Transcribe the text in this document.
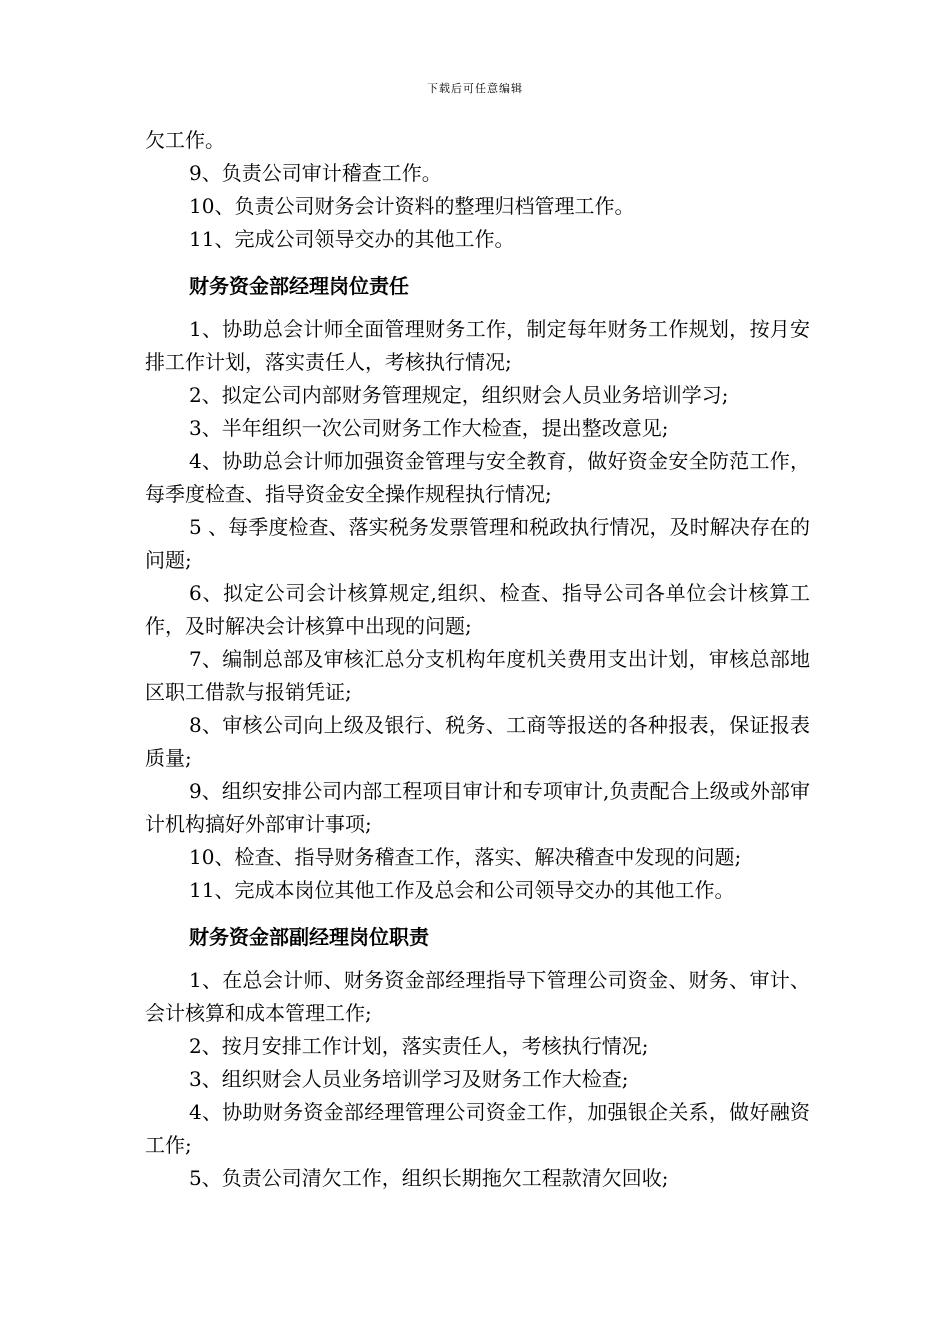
下载后可任意编辑

欠工作。

9、负责公司审计稽查工作。

10、负责公司财务会计资料的整理归档管理工作。

11、完成公司领导交办的其他工作。

财务资金部经理岗位责任

1、协助总会计师全面管理财务工作，制定每年财务工作规划，按月安排工作计划，落实责任人，考核执行情况;

2、拟定公司内部财务管理规定，组织财会人员业务培训学习;

3、半年组织一次公司财务工作大检查，提出整改意见;

4、协助总会计师加强资金管理与安全教育，做好资金安全防范工作，每季度检查、指导资金安全操作规程执行情况;

5 、每季度检查、落实税务发票管理和税政执行情况，及时解决存在的问题;

6、拟定公司会计核算规定,组织、检查、指导公司各单位会计核算工作，及时解决会计核算中出现的问题;

7、编制总部及审核汇总分支机构年度机关费用支出计划，审核总部地区职工借款与报销凭证;

8、审核公司向上级及银行、税务、工商等报送的各种报表，保证报表质量;

9、组织安排公司内部工程项目审计和专项审计,负责配合上级或外部审计机构搞好外部审计事项;

10、检查、指导财务稽查工作，落实、解决稽查中发现的问题;

11、完成本岗位其他工作及总会和公司领导交办的其他工作。

财务资金部副经理岗位职责

1、在总会计师、财务资金部经理指导下管理公司资金、财务、审计、会计核算和成本管理工作;

2、按月安排工作计划，落实责任人，考核执行情况;

3、组织财会人员业务培训学习及财务工作大检查;

4、协助财务资金部经理管理公司资金工作，加强银企关系，做好融资工作;

5、负责公司清欠工作，组织长期拖欠工程款清欠回收;
